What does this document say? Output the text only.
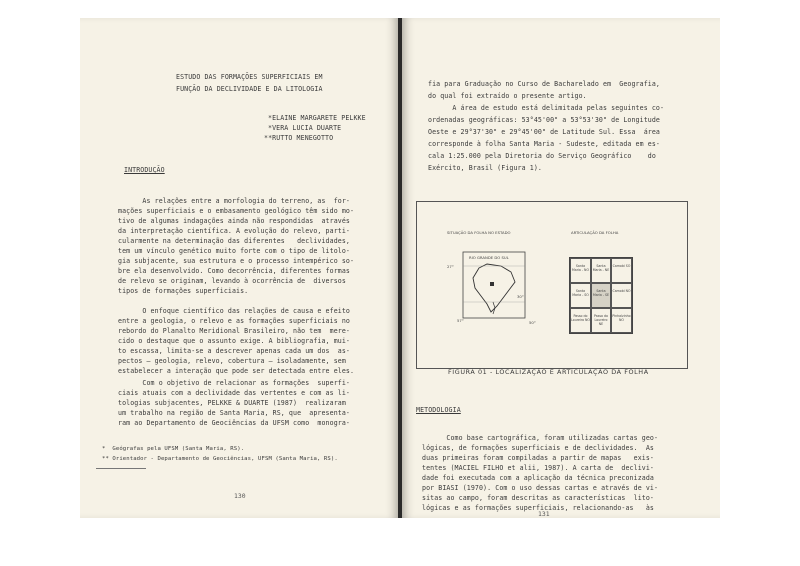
ESTUDO DAS FORMAÇÕES SUPERFICIAIS EM
FUNÇÃO DA DECLIVIDADE E DA LITOLOGIA
*ELAINE MARGARETE PELKKE
*VERA LUCIA DUARTE
**RUTTO MENEGOTTO
INTRODUÇÃO
As relações entre a morfologia do terreno, as  for-
mações superficiais e o embasamento geológico têm sido mo-
tivo de algumas indagações ainda não respondidas  através
da interpretação científica. A evolução do relevo, parti-
cularmente na determinação das diferentes   declividades,
tem um vínculo genético muito forte com o tipo de litolo-
gia subjacente, sua estrutura e o processo intempérico so-
bre ela desenvolvido. Como decorrência, diferentes formas
de relevo se originam, levando à ocorrência de  diversos
tipos de formações superficiais.
O enfoque científico das relações de causa e efeito
entre a geologia, o relevo e as formações superficiais no
rebordo do Planalto Meridional Brasileiro, não tem  mere-
cido o destaque que o assunto exige. A bibliografia, mui-
to escassa, limita-se a descrever apenas cada um dos  as-
pectos — geologia, relevo, cobertura — isoladamente, sem
estabelecer a interação que pode ser detectada entre eles.
Com o objetivo de relacionar as formações  superfi-
ciais atuais com a declividade das vertentes e com as li-
tologias subjacentes, PELKKE & DUARTE (1987)  realizaram
um trabalho na região de Santa Maria, RS, que  apresenta-
ram ao Departamento de Geociências da UFSM como  monogra-
*  Geógrafas pela UFSM (Santa Maria, RS).
** Orientador - Departamento de Geociências, UFSM (Santa Maria, RS).
130
fia para Graduação no Curso de Bacharelado em  Geografia,
do qual foi extraído o presente artigo.
A área de estudo está delimitada pelas seguintes co-
ordenadas geográficas: 53°45'00" a 53°53'30" de Longitude
Oeste e 29°37'30" e 29°45'00" de Latitude Sul. Essa  área
corresponde à folha Santa Maria - Sudeste, editada em es-
cala 1:25.000 pela Diretoria do Serviço Geográfico    do
Exército, Brasil (Figura 1).
SITUAÇÃO DA FOLHA NO ESTADO	ARTICULAÇÃO DA FOLHA
RIO GRANDE DO SUL
27°
57°
30°
50°
Santa Maria - NO
Santa Maria - NE
Camobi SO
Santa Maria - SO
Santa Maria - SE
Camobi NO
Passo do Loureiro NO
Passo do Loureiro NE
Pinhalzinho NO
FIGURA 01 - LOCALIZAÇÃO E ARTICULAÇÃO DA FOLHA
METODOLOGIA
Como base cartográfica, foram utilizadas cartas geo-
lógicas, de formações superficiais e de declividades.  As
duas primeiras foram compiladas a partir de mapas   exis-
tentes (MACIEL FILHO et alii, 1987). A carta de  declivi-
dade foi executada com a aplicação da técnica preconizada
por BIASI (1970). Com o uso dessas cartas e através de vi-
sitas ao campo, foram descritas as características  lito-
lógicas e as formações superficiais, relacionando-as   às
131
